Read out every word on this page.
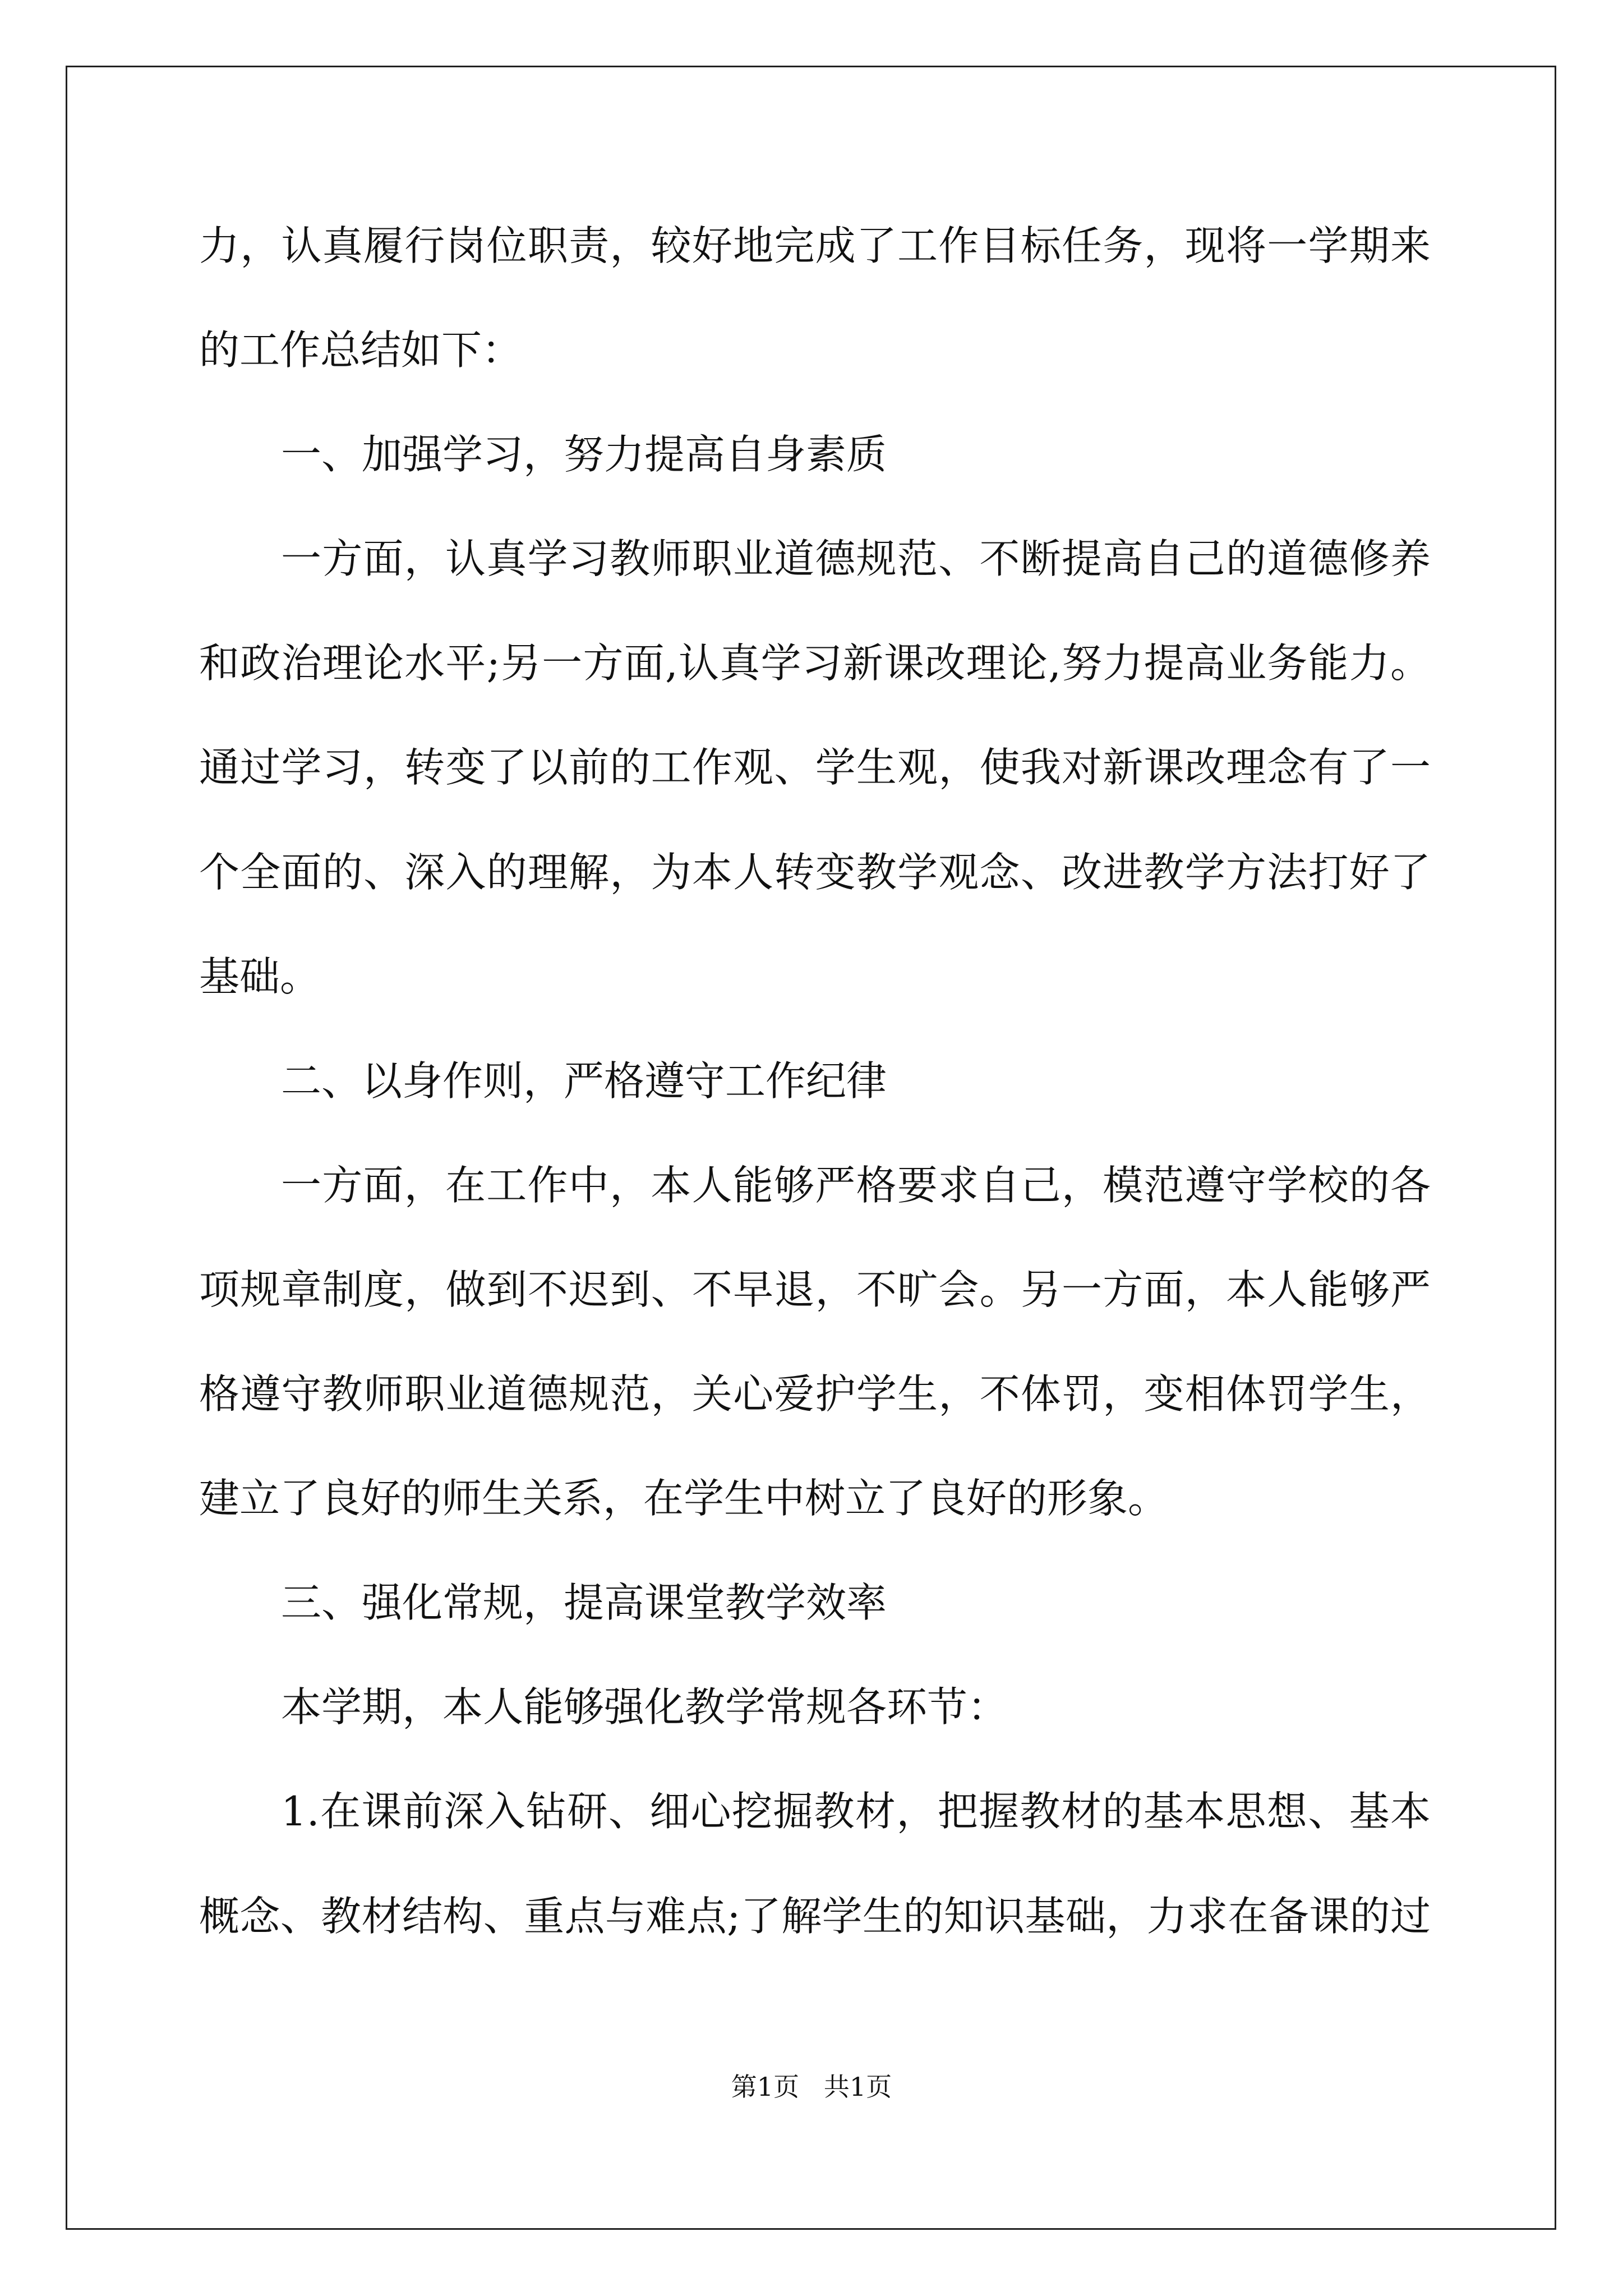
力，认真履行岗位职责，较好地完成了工作目标任务，现将一学期来
的工作总结如下：
一、加强学习，努力提高自身素质
一方面，认真学习教师职业道德规范、不断提高自己的道德修养
和政治理论水平;另一方面,认真学习新课改理论,努力提高业务能力。
通过学习，转变了以前的工作观、学生观，使我对新课改理念有了一
个全面的、深入的理解，为本人转变教学观念、改进教学方法打好了
基础。
二、以身作则，严格遵守工作纪律
一方面，在工作中，本人能够严格要求自己，模范遵守学校的各
项规章制度，做到不迟到、不早退，不旷会。另一方面，本人能够严
格遵守教师职业道德规范，关心爱护学生，不体罚，变相体罚学生，
建立了良好的师生关系，在学生中树立了良好的形象。
三、强化常规，提高课堂教学效率
本学期，本人能够强化教学常规各环节：
1.在课前深入钻研、细心挖掘教材，把握教材的基本思想、基本
概念、教材结构、重点与难点;了解学生的知识基础，力求在备课的过
第1页   共1页
